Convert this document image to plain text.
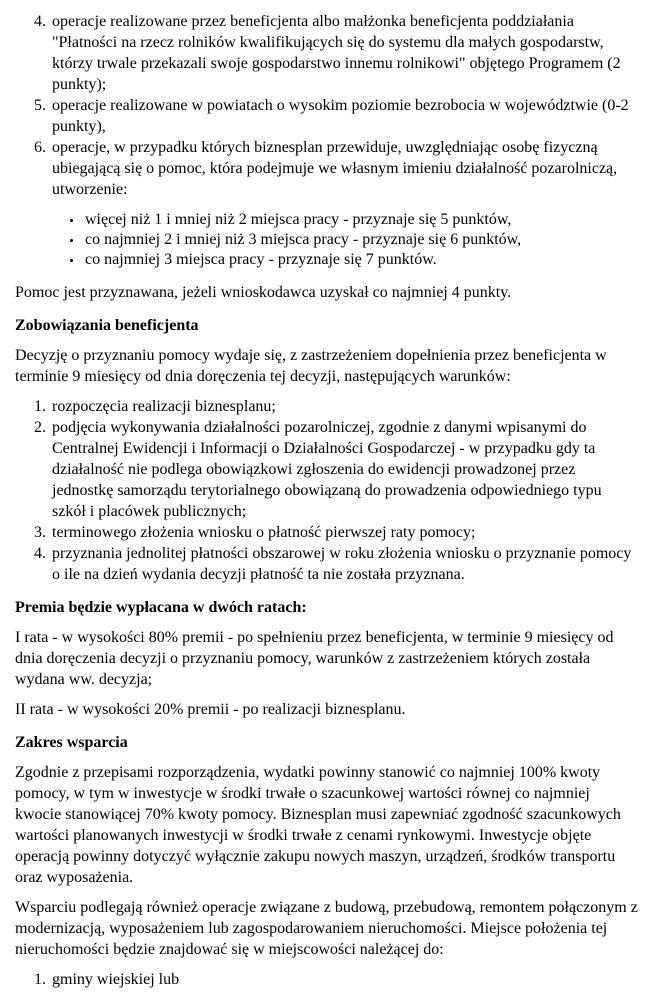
4. operacje realizowane przez beneficjenta albo małżonka beneficjenta poddziałania "Płatności na rzecz rolników kwalifikujących się do systemu dla małych gospodarstw, którzy trwale przekazali swoje gospodarstwo innemu rolnikowi" objętego Programem (2 punkty);
5. operacje realizowane w powiatach o wysokim poziomie bezrobocia w województwie (0-2 punkty),
6. operacje, w przypadku których biznesplan przewiduje, uwzględniając osobę fizyczną ubiegającą się o pomoc, która podejmuje we własnym imieniu działalność pozarolniczą, utworzenie:
• więcej niż 1 i mniej niż 2 miejsca pracy - przyznaje się 5 punktów,
• co najmniej 2 i mniej niż 3 miejsca pracy - przyznaje się 6 punktów,
• co najmniej 3 miejsca pracy - przyznaje się 7 punktów.

Pomoc jest przyznawana, jeżeli wnioskodawca uzyskał co najmniej 4 punkty.

Zobowiązania beneficjenta

Decyzję o przyznaniu pomocy wydaje się, z zastrzeżeniem dopełnienia przez beneficjenta w terminie 9 miesięcy od dnia doręczenia tej decyzji, następujących warunków:

1. rozpoczęcia realizacji biznesplanu;
2. podjęcia wykonywania działalności pozarolniczej, zgodnie z danymi wpisanymi do Centralnej Ewidencji i Informacji o Działalności Gospodarczej - w przypadku gdy ta działalność nie podlega obowiązkowi zgłoszenia do ewidencji prowadzonej przez jednostkę samorządu terytorialnego obowiązaną do prowadzenia odpowiedniego typu szkół i placówek publicznych;
3. terminowego złożenia wniosku o płatność pierwszej raty pomocy;
4. przyznania jednolitej płatności obszarowej w roku złożenia wniosku o przyznanie pomocy o ile na dzień wydania decyzji płatność ta nie została przyznana.

Premia będzie wypłacana w dwóch ratach:

I rata - w wysokości 80% premii - po spełnieniu przez beneficjenta, w terminie 9 miesięcy od dnia doręczenia decyzji o przyznaniu pomocy, warunków z zastrzeżeniem których została wydana ww. decyzja;

II rata - w wysokości 20% premii - po realizacji biznesplanu.

Zakres wsparcia

Zgodnie z przepisami rozporządzenia, wydatki powinny stanowić co najmniej 100% kwoty pomocy, w tym w inwestycje w środki trwałe o szacunkowej wartości równej co najmniej kwocie stanowiącej 70% kwoty pomocy. Biznesplan musi zapewniać zgodność szacunkowych wartości planowanych inwestycji w środki trwałe z cenami rynkowymi. Inwestycje objęte operacją powinny dotyczyć wyłącznie zakupu nowych maszyn, urządzeń, środków transportu oraz wyposażenia.

Wsparciu podlegają również operacje związane z budową, przebudową, remontem połączonym z modernizacją, wyposażeniem lub zagospodarowaniem nieruchomości. Miejsce położenia tej nieruchomości będzie znajdować się w miejscowości należącej do:

1. gminy wiejskiej lub
